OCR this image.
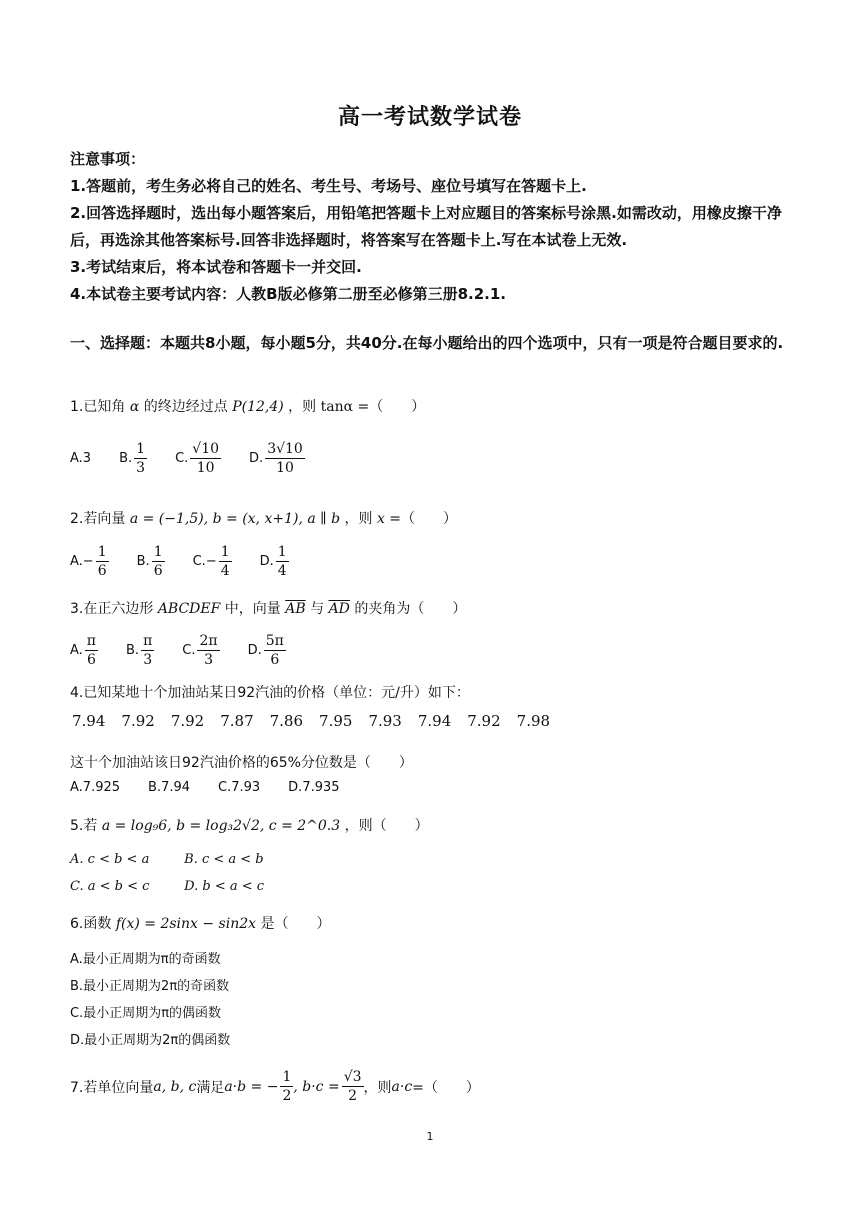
高一考试数学试卷

注意事项：

1.答题前，考生务必将自己的姓名、考生号、考场号、座位号填写在答题卡上.

2.回答选择题时，选出每小题答案后，用铅笔把答题卡上对应题目的答案标号涂黑.如需改动，用橡皮擦干净后，再选涂其他答案标号.回答非选择题时，将答案写在答题卡上.写在本试卷上无效.

3.考试结束后，将本试卷和答题卡一并交回.

4.本试卷主要考试内容：人教B版必修第二册至必修第三册8.2.1.

一、选择题：本题共8小题，每小题5分，共40分.在每小题给出的四个选项中，只有一项是符合题目要求的.
1.已知角 α 的终边经过点 P(12,4) ，则 tanα =（　　）
A.3 B. $\frac{1}{3} C$. $\frac{√10}{10} D$. $\frac{3√10}{10}$
2.若向量 a = (−1,5), b = (x, x+1), a ∥ b ，则 x =（　　）
$A.- \frac{1}{6} B$. $\frac{1}{6} C.- \frac{1}{4} D$. $\frac{1}{4}$
3.在正六边形 ABCDEF 中，向量 $\overline{AB}$ 与 $\overline{AD}$ 的夹角为（　　）
A. $\frac{\pi}{6} B$. $\frac{\pi}{3} C$. $\frac{2\pi}{3} D$. $\frac{5\pi}{6}$
4.已知某地十个加油站某日92汽油的价格（单位：元/升）如下：
7.94 7.92 7.92 7.87 7.86 7.95 7.93 7.94 7.92 7.98
这十个加油站该日92汽油价格的65%分位数是（　　）
A.7.925 B.7.94 C.7.93 D.7.935
5.若 a = log₉6, b = log₃2√2, c = 2^0.3 ，则（　　）
A. c < b < a	B. c < a < b
C. a < b < c	D. b < a < c
6.函数 f(x) = 2sinx − sin2x 是（　　）
A.最小正周期为π的奇函数
B.最小正周期为2π的奇函数
C.最小正周期为π的偶函数
D.最小正周期为2π的偶函数
7.若单位向量 a, b, c 满足 a·b = − $\frac{1}{2}$ , $b\cdot c = \frac{√3}{2}$ ，则 a·c =（　　）
1
